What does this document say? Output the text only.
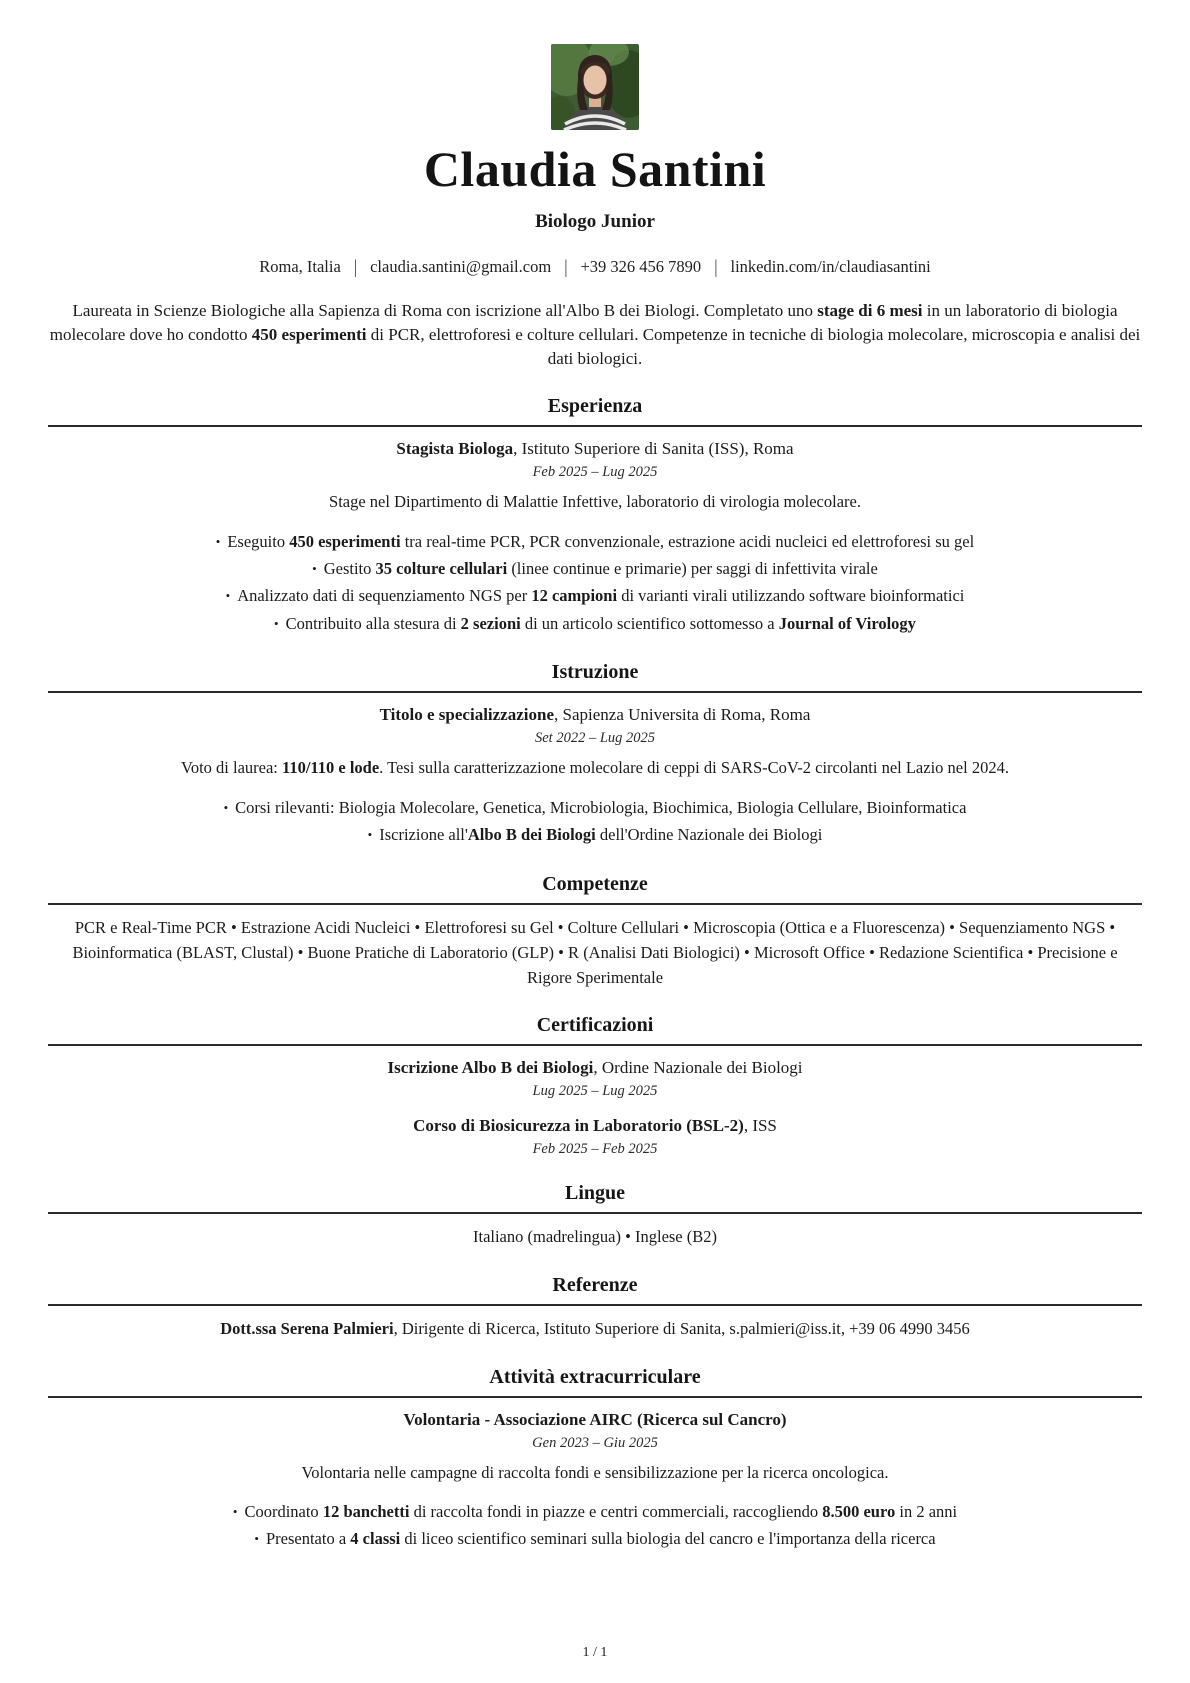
Claudia Santini
Biologo Junior
Roma, Italia | claudia.santini@gmail.com | +39 326 456 7890 | linkedin.com/in/claudiasantini

Laureata in Scienze Biologiche alla Sapienza di Roma con iscrizione all'Albo B dei Biologi. Completato uno stage di 6 mesi in un laboratorio di biologia molecolare dove ho condotto 450 esperimenti di PCR, elettroforesi e colture cellulari. Competenze in tecniche di biologia molecolare, microscopia e analisi dei dati biologici.

Esperienza

Stagista Biologa, Istituto Superiore di Sanita (ISS), Roma

Feb 2025 – Lug 2025

Stage nel Dipartimento di Malattie Infettive, laboratorio di virologia molecolare.

• Eseguito 450 esperimenti tra real-time PCR, PCR convenzionale, estrazione acidi nucleici ed elettroforesi su gel

• Gestito 35 colture cellulari (linee continue e primarie) per saggi di infettivita virale

• Analizzato dati di sequenziamento NGS per 12 campioni di varianti virali utilizzando software bioinformatici

• Contribuito alla stesura di 2 sezioni di un articolo scientifico sottomesso a Journal of Virology

Istruzione

Titolo e specializzazione, Sapienza Universita di Roma, Roma

Set 2022 – Lug 2025

Voto di laurea: 110/110 e lode. Tesi sulla caratterizzazione molecolare di ceppi di SARS-CoV-2 circolanti nel Lazio nel 2024.

• Corsi rilevanti: Biologia Molecolare, Genetica, Microbiologia, Biochimica, Biologia Cellulare, Bioinformatica

• Iscrizione all'Albo B dei Biologi dell'Ordine Nazionale dei Biologi

Competenze

PCR e Real-Time PCR • Estrazione Acidi Nucleici • Elettroforesi su Gel • Colture Cellulari • Microscopia (Ottica e a Fluorescenza) • Sequenziamento NGS • Bioinformatica (BLAST, Clustal) • Buone Pratiche di Laboratorio (GLP) • R (Analisi Dati Biologici) • Microsoft Office • Redazione Scientifica • Precisione e Rigore Sperimentale

Certificazioni

Iscrizione Albo B dei Biologi, Ordine Nazionale dei Biologi

Lug 2025 – Lug 2025

Corso di Biosicurezza in Laboratorio (BSL-2), ISS

Feb 2025 – Feb 2025

Lingue

Italiano (madrelingua) • Inglese (B2)

Referenze

Dott.ssa Serena Palmieri, Dirigente di Ricerca, Istituto Superiore di Sanita, s.palmieri@iss.it, +39 06 4990 3456

Attività extracurriculare

Volontaria - Associazione AIRC (Ricerca sul Cancro)

Gen 2023 – Giu 2025

Volontaria nelle campagne di raccolta fondi e sensibilizzazione per la ricerca oncologica.

• Coordinato 12 banchetti di raccolta fondi in piazze e centri commerciali, raccogliendo 8.500 euro in 2 anni

• Presentato a 4 classi di liceo scientifico seminari sulla biologia del cancro e l'importanza della ricerca

1 / 1
